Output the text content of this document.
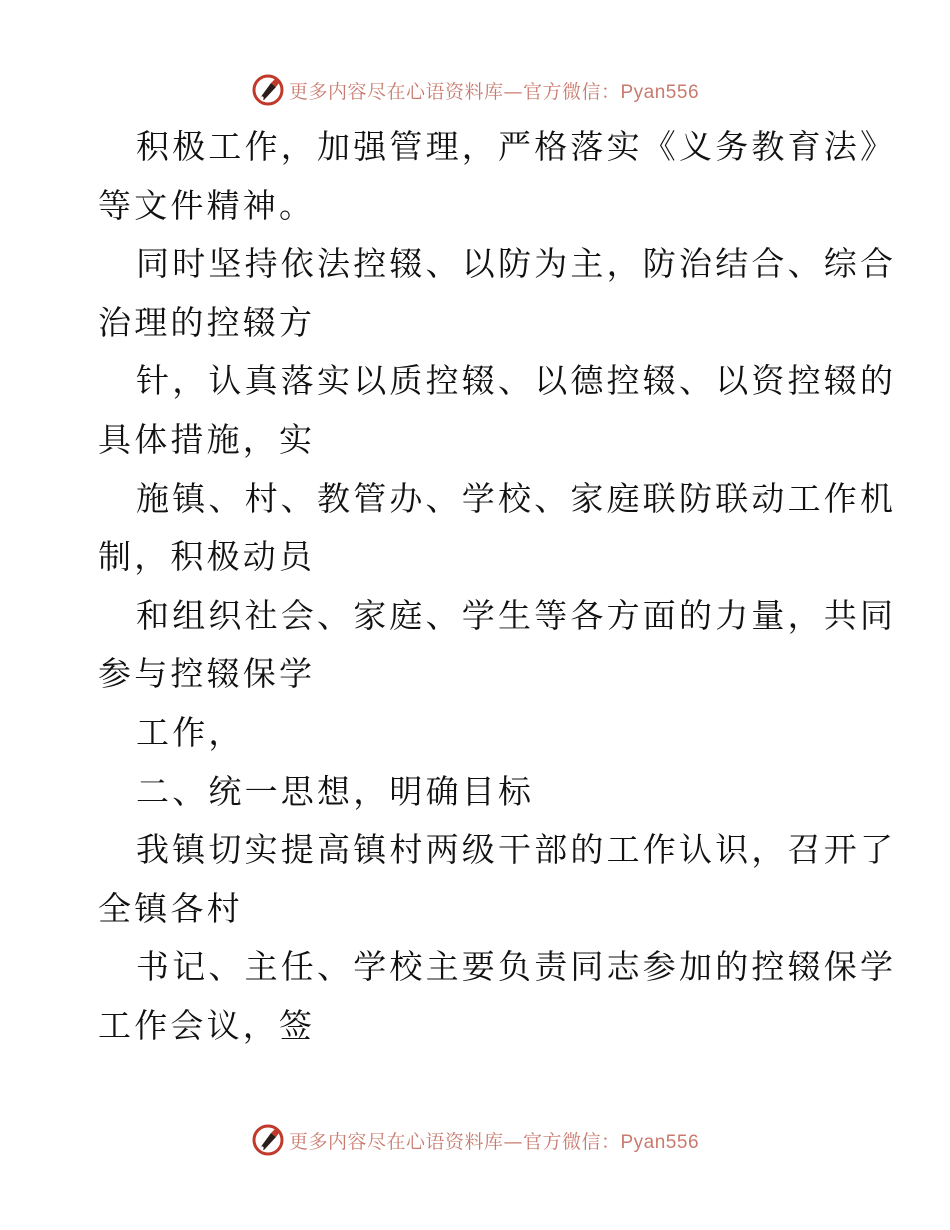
更多内容尽在心语资料库—官方微信：Pyan556
积极工作，加强管理，严格落实《义务教育法》
等文件精神。
同时坚持依法控辍、以防为主，防治结合、综合
治理的控辍方
针，认真落实以质控辍、以德控辍、以资控辍的
具体措施，实
施镇、村、教管办、学校、家庭联防联动工作机
制，积极动员
和组织社会、家庭、学生等各方面的力量，共同
参与控辍保学
工作，
二、统一思想，明确目标
我镇切实提高镇村两级干部的工作认识，召开了
全镇各村
书记、主任、学校主要负责同志参加的控辍保学
工作会议，签
更多内容尽在心语资料库—官方微信：Pyan556
